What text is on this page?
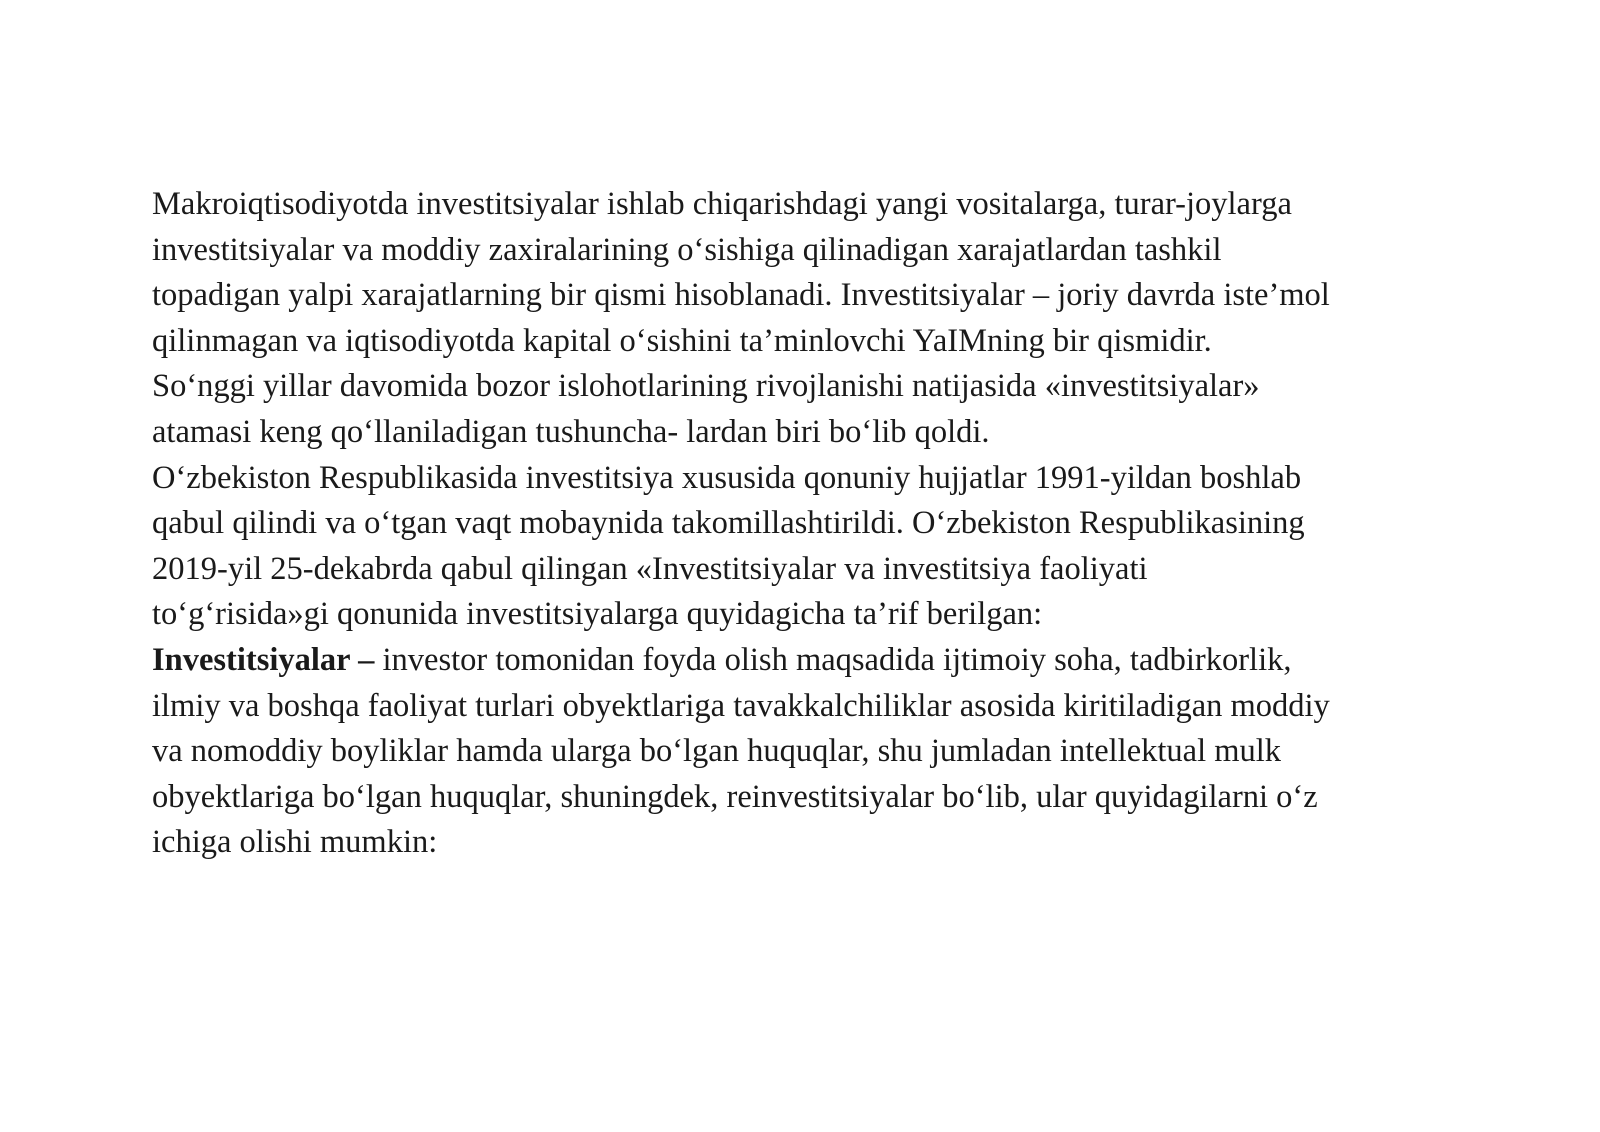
Makroiqtisodiyotda investitsiyalar ishlab chiqarishdagi yangi vositalarga, turar-joylarga
investitsiyalar va moddiy zaxiralarining o‘sishiga qilinadigan xarajatlardan tashkil
topadigan yalpi xarajatlarning bir qismi hisoblanadi. Investitsiyalar – joriy davrda iste’mol
qilinmagan va iqtisodiyotda kapital o‘sishini ta’minlovchi YaIMning bir qismidir.
So‘nggi yillar davomida bozor islohotlarining rivojlanishi natijasida «investitsiyalar»
atamasi keng qo‘llaniladigan tushuncha- lardan biri bo‘lib qoldi.
O‘zbekiston Respublikasida investitsiya xususida qonuniy hujjatlar 1991-yildan boshlab
qabul qilindi va o‘tgan vaqt mobaynida takomillashtirildi. O‘zbekiston Respublikasining
2019-yil 25-dekabrda qabul qilingan «Investitsiyalar va investitsiya faoliyati
to‘g‘risida»gi qonunida investitsiyalarga quyidagicha ta’rif berilgan:
Investitsiyalar – investor tomonidan foyda olish maqsadida ijtimoiy soha, tadbirkorlik,
ilmiy va boshqa faoliyat turlari obyektlariga tavakkalchiliklar asosida kiritiladigan moddiy
va nomoddiy boyliklar hamda ularga bo‘lgan huquqlar, shu jumladan intellektual mulk
obyektlariga bo‘lgan huquqlar, shuningdek, reinvestitsiyalar bo‘lib, ular quyidagilarni o‘z
ichiga olishi mumkin:
